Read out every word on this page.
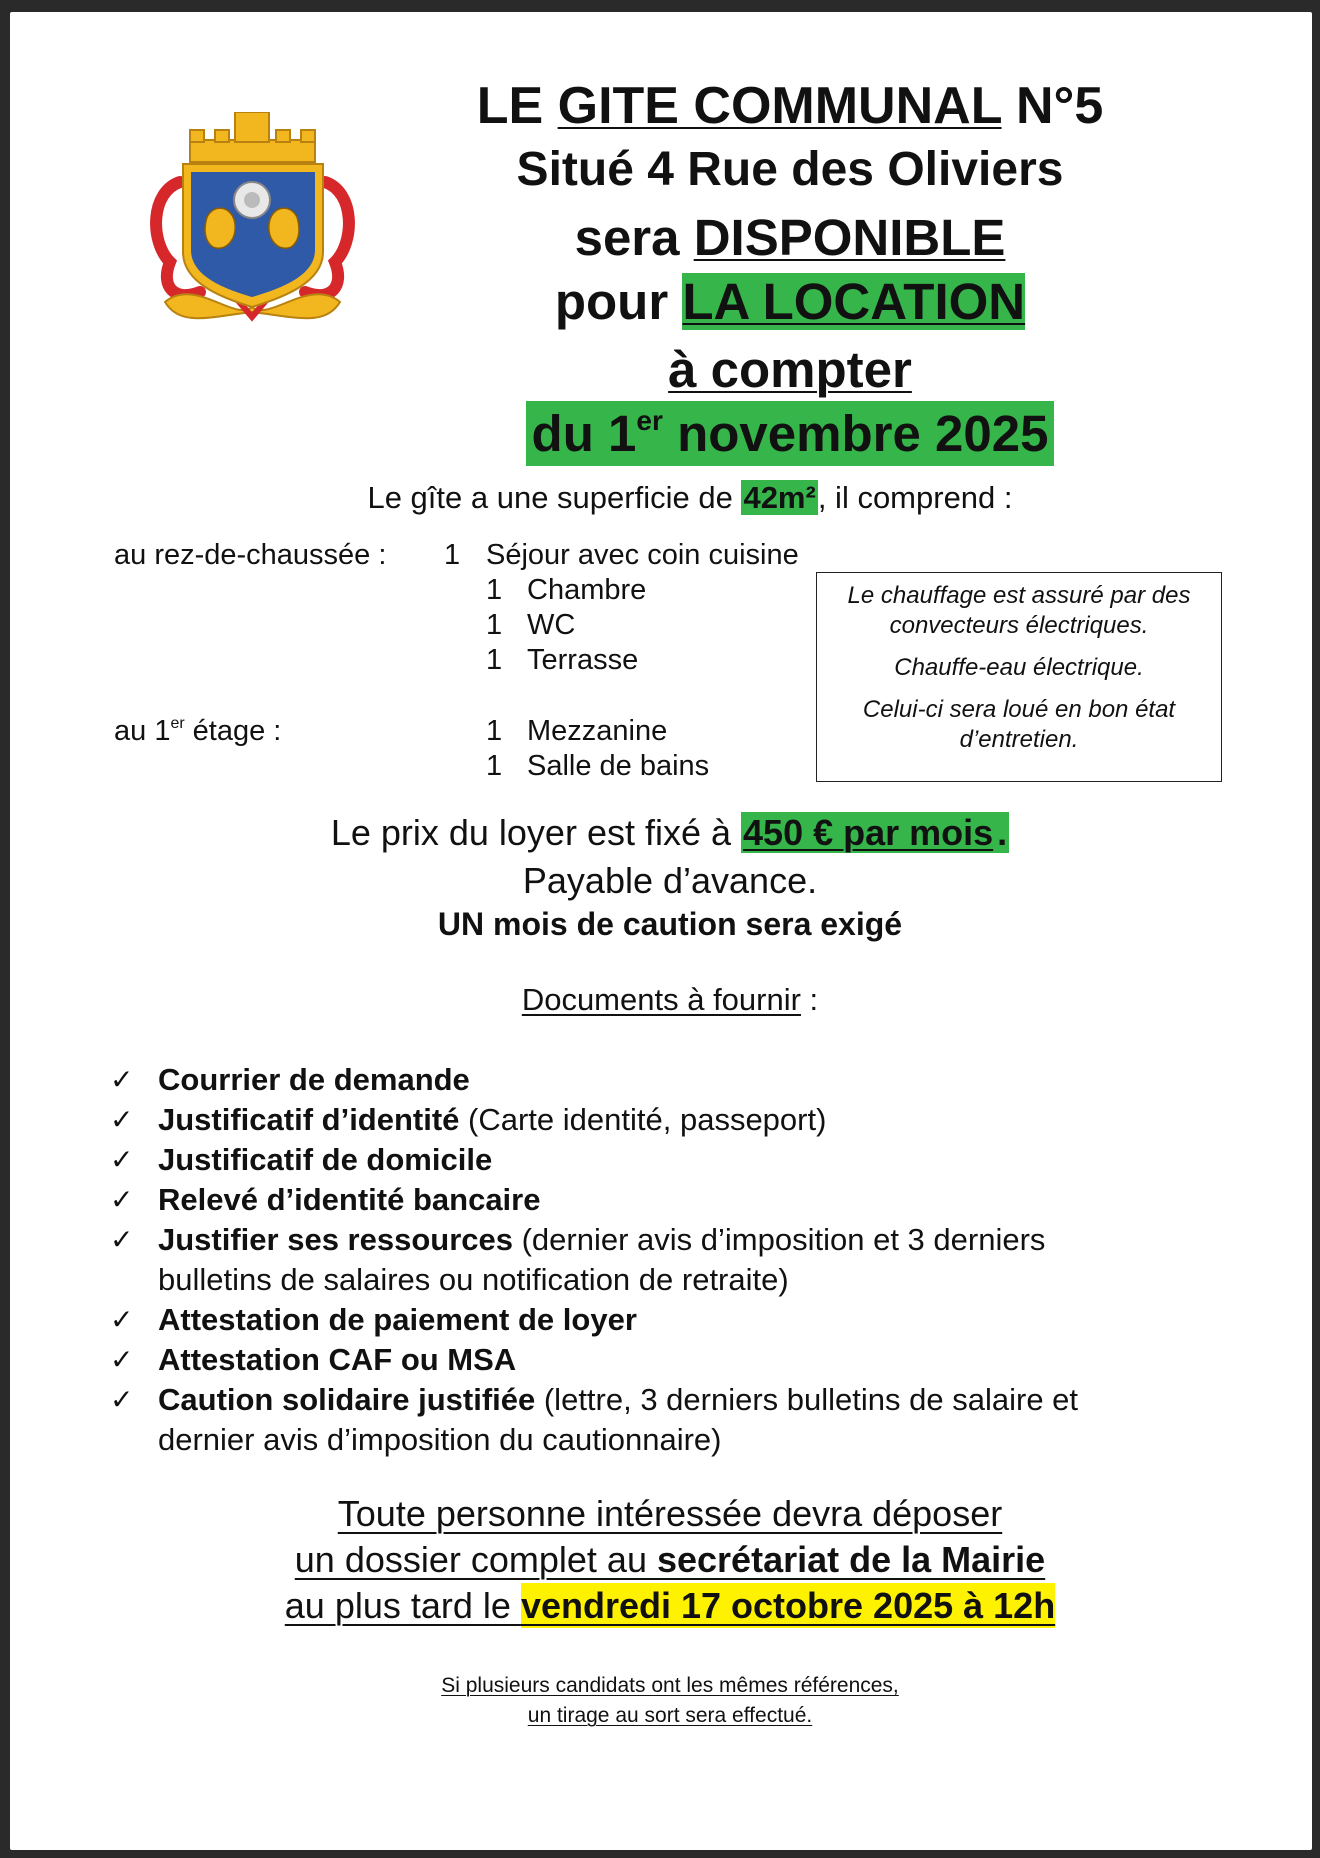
LE GITE COMMUNAL N°5
Situé 4 Rue des Oliviers
sera DISPONIBLE
pour LA LOCATION
à compter
du 1er novembre 2025
Le gîte a une superficie de 42m², il comprend :
au rez-de-chaussée : 1 Séjour avec coin cuisine
1 Chambre
1 WC
1 Terrasse
au 1er étage :	1 Mezzanine
1 Salle de bains

Le chauffage est assuré par des convecteurs électriques.

Chauffe-eau électrique.

Celui-ci sera loué en bon état d’entretien.

Le prix du loyer est fixé à 450 € par mois .
Payable d’avance.
UN mois de caution sera exigé
Documents à fournir :
✓ Courrier de demande
✓ Justificatif d’identité (Carte identité, passeport)
✓ Justificatif de domicile
✓ Relevé d’identité bancaire
✓ Justifier ses ressources (dernier avis d’imposition et 3 derniers
bulletins de salaires ou notification de retraite)
✓ Attestation de paiement de loyer
✓ Attestation CAF ou MSA
✓ Caution solidaire justifiée (lettre, 3 derniers bulletins de salaire et
dernier avis d’imposition du cautionnaire)
Toute personne intéressée devra déposer
un dossier complet au secrétariat de la Mairie
au plus tard le vendredi 17 octobre 2025 à 12h
Si plusieurs candidats ont les mêmes références,
un tirage au sort sera effectué.
